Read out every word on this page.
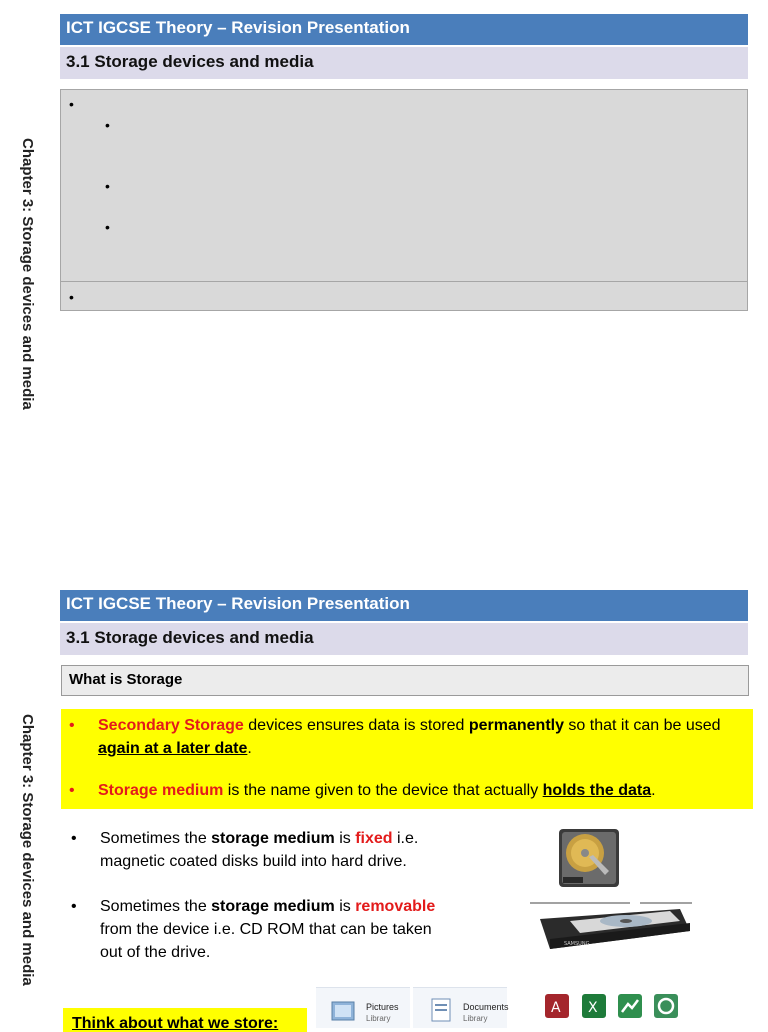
Chapter 3: Storage devices and media
ICT IGCSE Theory – Revision Presentation
3.1 Storage devices and media
•
•
•
•
•
Chapter 3: Storage devices and media
ICT IGCSE Theory – Revision Presentation
3.1 Storage devices and media
What is Storage
• Secondary Storage devices ensures data is stored permanently so that it can be used again at a later date.
• Storage medium is the name given to the device that actually holds the data.
• Sometimes the storage medium is fixed i.e.
magnetic coated disks build into hard drive.
• Sometimes the storage medium is removable
from the device i.e. CD ROM that can be taken
out of the drive.	SAMSUNG
Think about what we store:
Pictures
Library
Documents
Library
A X
